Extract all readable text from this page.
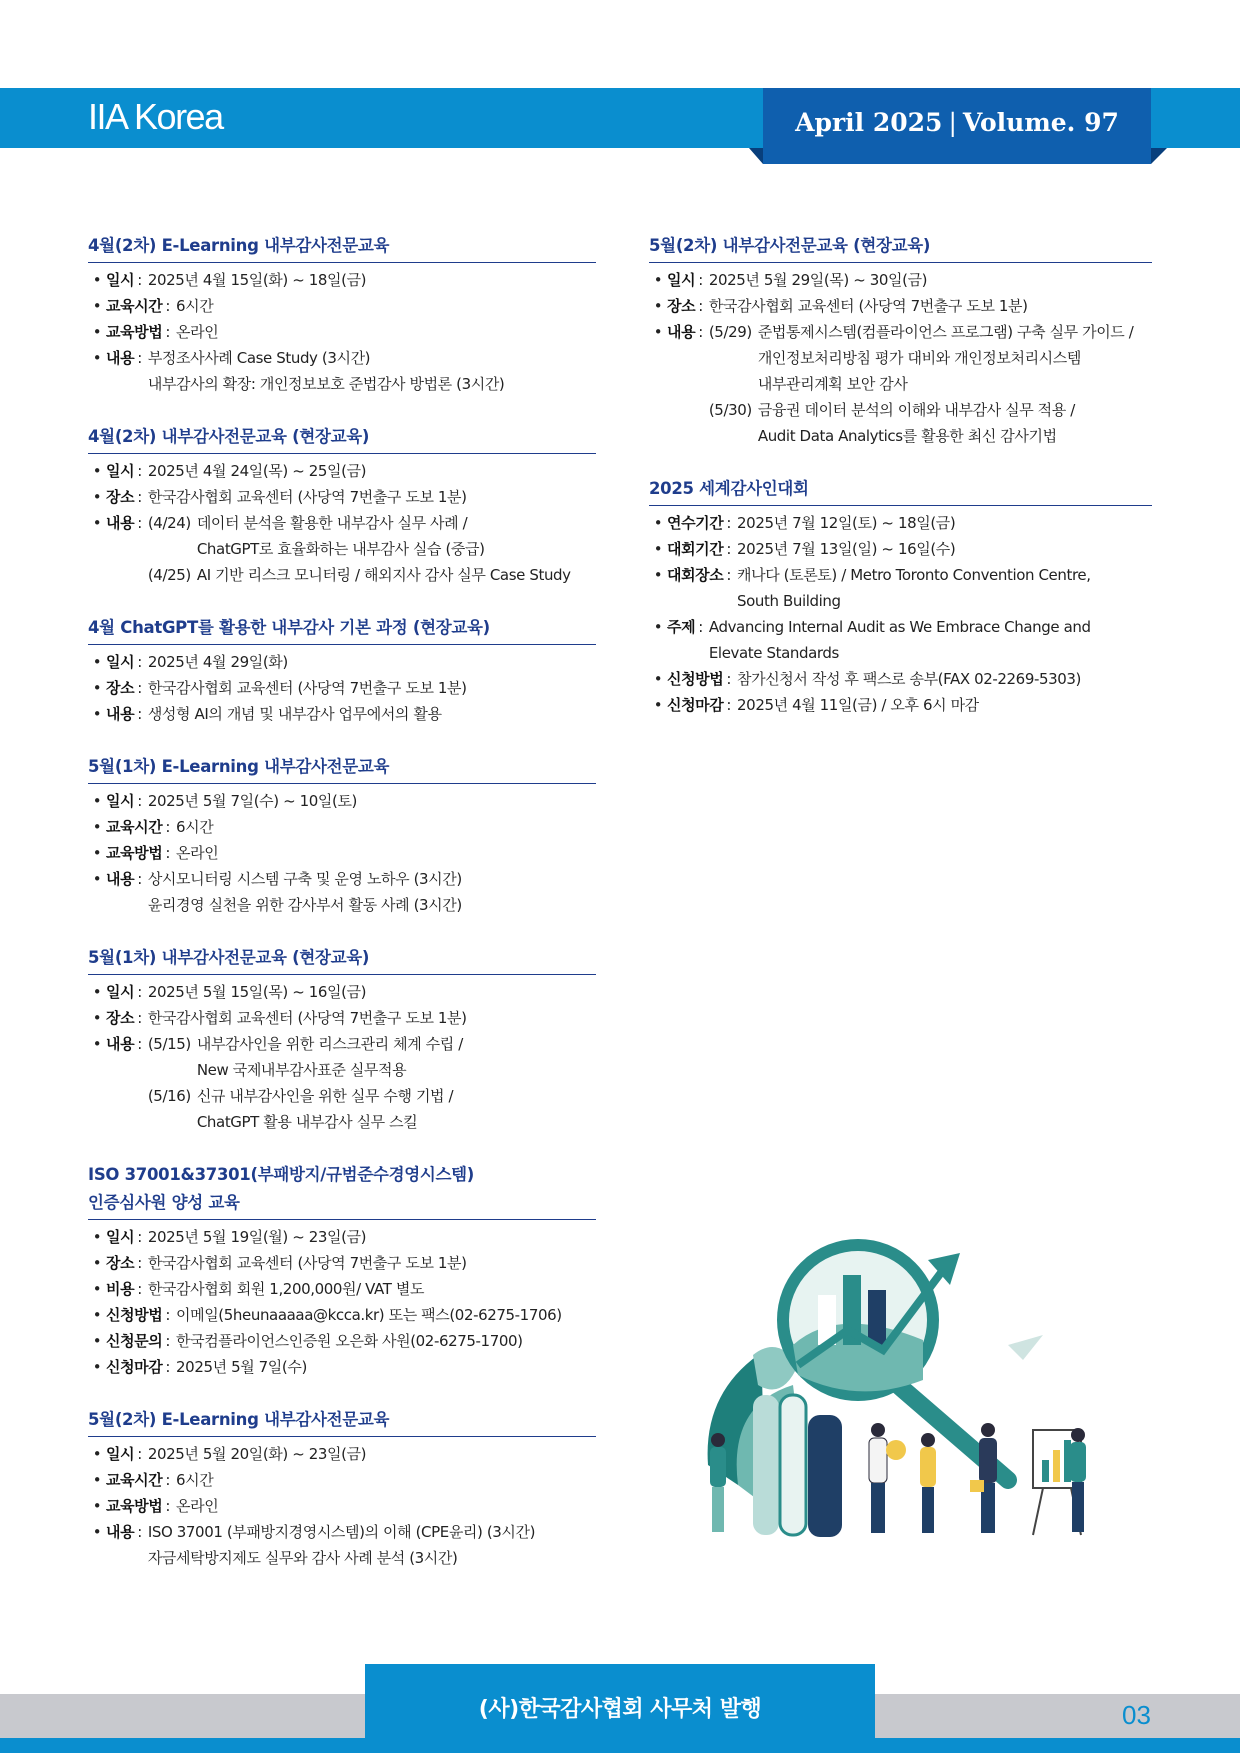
IIA Korea	April 2025 | Volume. 97
4월(2차) E-Learning 내부감사전문교육
• 일시 : 2025년 4월 15일(화) ~ 18일(금)
• 교육시간 : 6시간
• 교육방법 : 온라인
• 내용 : 부정조사사례 Case Study (3시간)
내부감사의 확장: 개인정보보호 준법감사 방법론 (3시간)
4월(2차) 내부감사전문교육 (현장교육)
• 일시 : 2025년 4월 24일(목) ~ 25일(금)
• 장소 : 한국감사협회 교육센터 (사당역 7번출구 도보 1분)
• 내용 : (4/24) 데이터 분석을 활용한 내부감사 실무 사례 /
ChatGPT로 효율화하는 내부감사 실습 (중급)
(4/25) AI 기반 리스크 모니터링 / 해외지사 감사 실무 Case Study
4월 ChatGPT를 활용한 내부감사 기본 과정 (현장교육)
• 일시 : 2025년 4월 29일(화)
• 장소 : 한국감사협회 교육센터 (사당역 7번출구 도보 1분)
• 내용 : 생성형 AI의 개념 및 내부감사 업무에서의 활용
5월(1차) E-Learning 내부감사전문교육
• 일시 : 2025년 5월 7일(수) ~ 10일(토)
• 교육시간 : 6시간
• 교육방법 : 온라인
• 내용 : 상시모니터링 시스템 구축 및 운영 노하우 (3시간)
윤리경영 실천을 위한 감사부서 활동 사례 (3시간)
5월(1차) 내부감사전문교육 (현장교육)
• 일시 : 2025년 5월 15일(목) ~ 16일(금)
• 장소 : 한국감사협회 교육센터 (사당역 7번출구 도보 1분)
• 내용 : (5/15) 내부감사인을 위한 리스크관리 체계 수립 /
New 국제내부감사표준 실무적용
(5/16) 신규 내부감사인을 위한 실무 수행 기법 /
ChatGPT 활용 내부감사 실무 스킬
ISO 37001&37301(부패방지/규범준수경영시스템)
인증심사원 양성 교육
• 일시 : 2025년 5월 19일(월) ~ 23일(금)
• 장소 : 한국감사협회 교육센터 (사당역 7번출구 도보 1분)
• 비용 : 한국감사협회 회원 1,200,000원/ VAT 별도
• 신청방법 : 이메일(5heunaaaaa@kcca.kr) 또는 팩스(02-6275-1706)
• 신청문의 : 한국컴플라이언스인증원 오은화 사원(02-6275-1700)
• 신청마감 : 2025년 5월 7일(수)
5월(2차) E-Learning 내부감사전문교육
• 일시 : 2025년 5월 20일(화) ~ 23일(금)
• 교육시간 : 6시간
• 교육방법 : 온라인
• 내용 : ISO 37001 (부패방지경영시스템)의 이해 (CPE윤리) (3시간)
자금세탁방지제도 실무와 감사 사례 분석 (3시간)
5월(2차) 내부감사전문교육 (현장교육)
• 일시 : 2025년 5월 29일(목) ~ 30일(금)
• 장소 : 한국감사협회 교육센터 (사당역 7번출구 도보 1분)
• 내용 : (5/29) 준법통제시스템(컴플라이언스 프로그램) 구축 실무 가이드 /
개인정보처리방침 평가 대비와 개인정보처리시스템
내부관리계획 보안 감사
(5/30) 금융권 데이터 분석의 이해와 내부감사 실무 적용 /
Audit Data Analytics를 활용한 최신 감사기법
2025 세계감사인대회
• 연수기간 : 2025년 7월 12일(토) ~ 18일(금)
• 대회기간 : 2025년 7월 13일(일) ~ 16일(수)
• 대회장소 : 캐나다 (토론토) / Metro Toronto Convention Centre,
South Building
• 주제 : Advancing Internal Audit as We Embrace Change and
Elevate Standards
• 신청방법 : 참가신청서 작성 후 팩스로 송부(FAX 02-2269-5303)
• 신청마감 : 2025년 4월 11일(금) / 오후 6시 마감
(사)한국감사협회 사무처 발행	03
